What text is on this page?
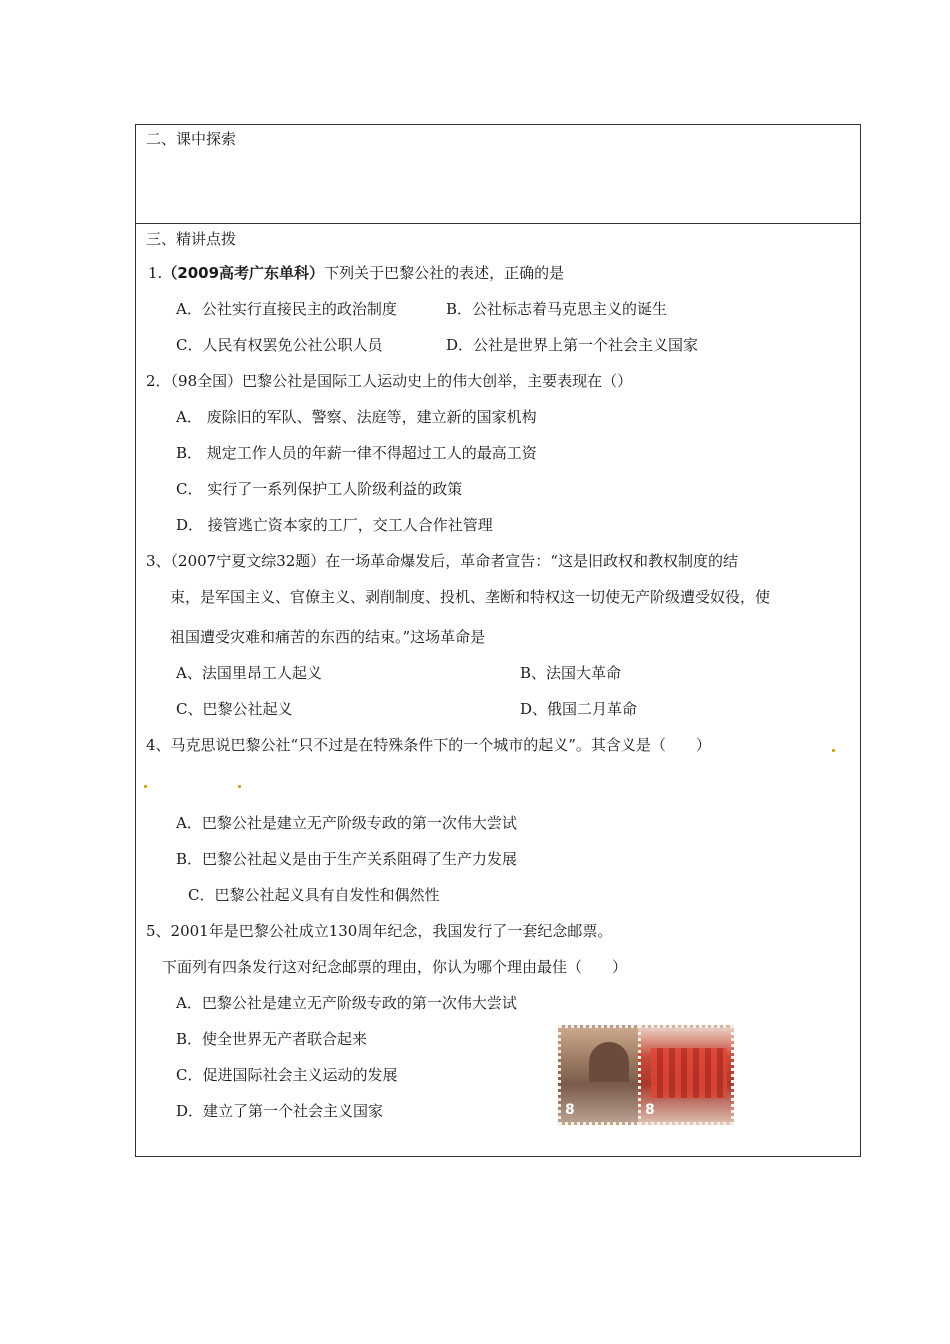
二、课中探索
三、精讲点拨
1.（2009高考广东单科）下列关于巴黎公社的表述，正确的是
A．公社实行直接民主的政治制度	B．公社标志着马克思主义的诞生
C．人民有权罢免公社公职人员	D．公社是世界上第一个社会主义国家
2．（98全国）巴黎公社是国际工人运动史上的伟大创举，主要表现在（）
A． 废除旧的军队、警察、法庭等，建立新的国家机构
B． 规定工作人员的年薪一律不得超过工人的最高工资
C． 实行了一系列保护工人阶级利益的政策
D． 接管逃亡资本家的工厂，交工人合作社管理
3、（2007宁夏文综32题）在一场革命爆发后，革命者宣告：“这是旧政权和教权制度的结
束，是军国主义、官僚主义、剥削制度、投机、垄断和特权这一切使无产阶级遭受奴役，使
祖国遭受灾难和痛苦的东西的结束。”这场革命是
A、法国里昂工人起义	B、法国大革命
C、巴黎公社起义	D、俄国二月革命
4、马克思说巴黎公社“只不过是在特殊条件下的一个城市的起义”。其含义是（　　）
A．巴黎公社是建立无产阶级专政的第一次伟大尝试
B．巴黎公社起义是由于生产关系阻碍了生产力发展
C．巴黎公社起义具有自发性和偶然性
5、2001年是巴黎公社成立130周年纪念，我国发行了一套纪念邮票。
下面列有四条发行这对纪念邮票的理由，你认为哪个理由最佳（　　）
A．巴黎公社是建立无产阶级专政的第一次伟大尝试
B．使全世界无产者联合起来
C．促进国际社会主义运动的发展
D．建立了第一个社会主义国家	8	8
